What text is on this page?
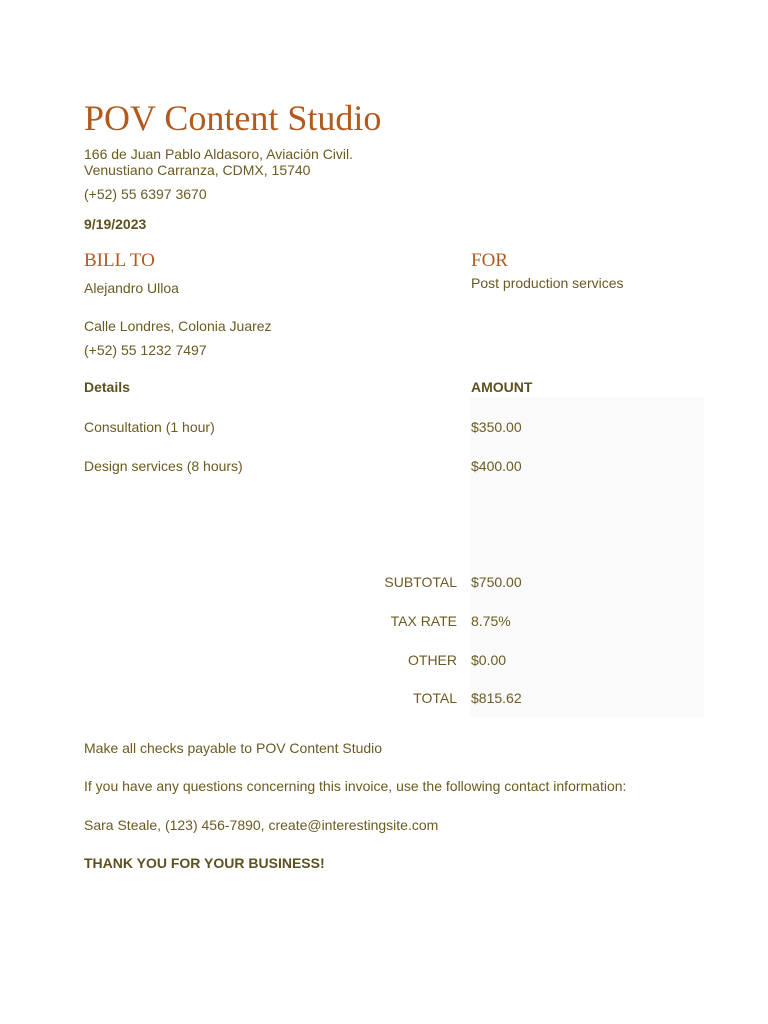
POV Content Studio
166 de Juan Pablo Aldasoro, Aviación Civil.
Venustiano Carranza, CDMX, 15740
(+52) 55 6397 3670
9/19/2023
BILL TO
Alejandro Ulloa
Calle Londres, Colonia Juarez
(+52) 55 1232 7497
FOR
Post production services
Details	AMOUNT
Consultation (1 hour)	$350.00
Design services (8 hours)	$400.00
SUBTOTAL $750.00
TAX RATE 8.75%
OTHER $0.00
TOTAL $815.62
Make all checks payable to POV Content Studio
If you have any questions concerning this invoice, use the following contact information:
Sara Steale, (123) 456-7890, create@interestingsite.com
THANK YOU FOR YOUR BUSINESS!
